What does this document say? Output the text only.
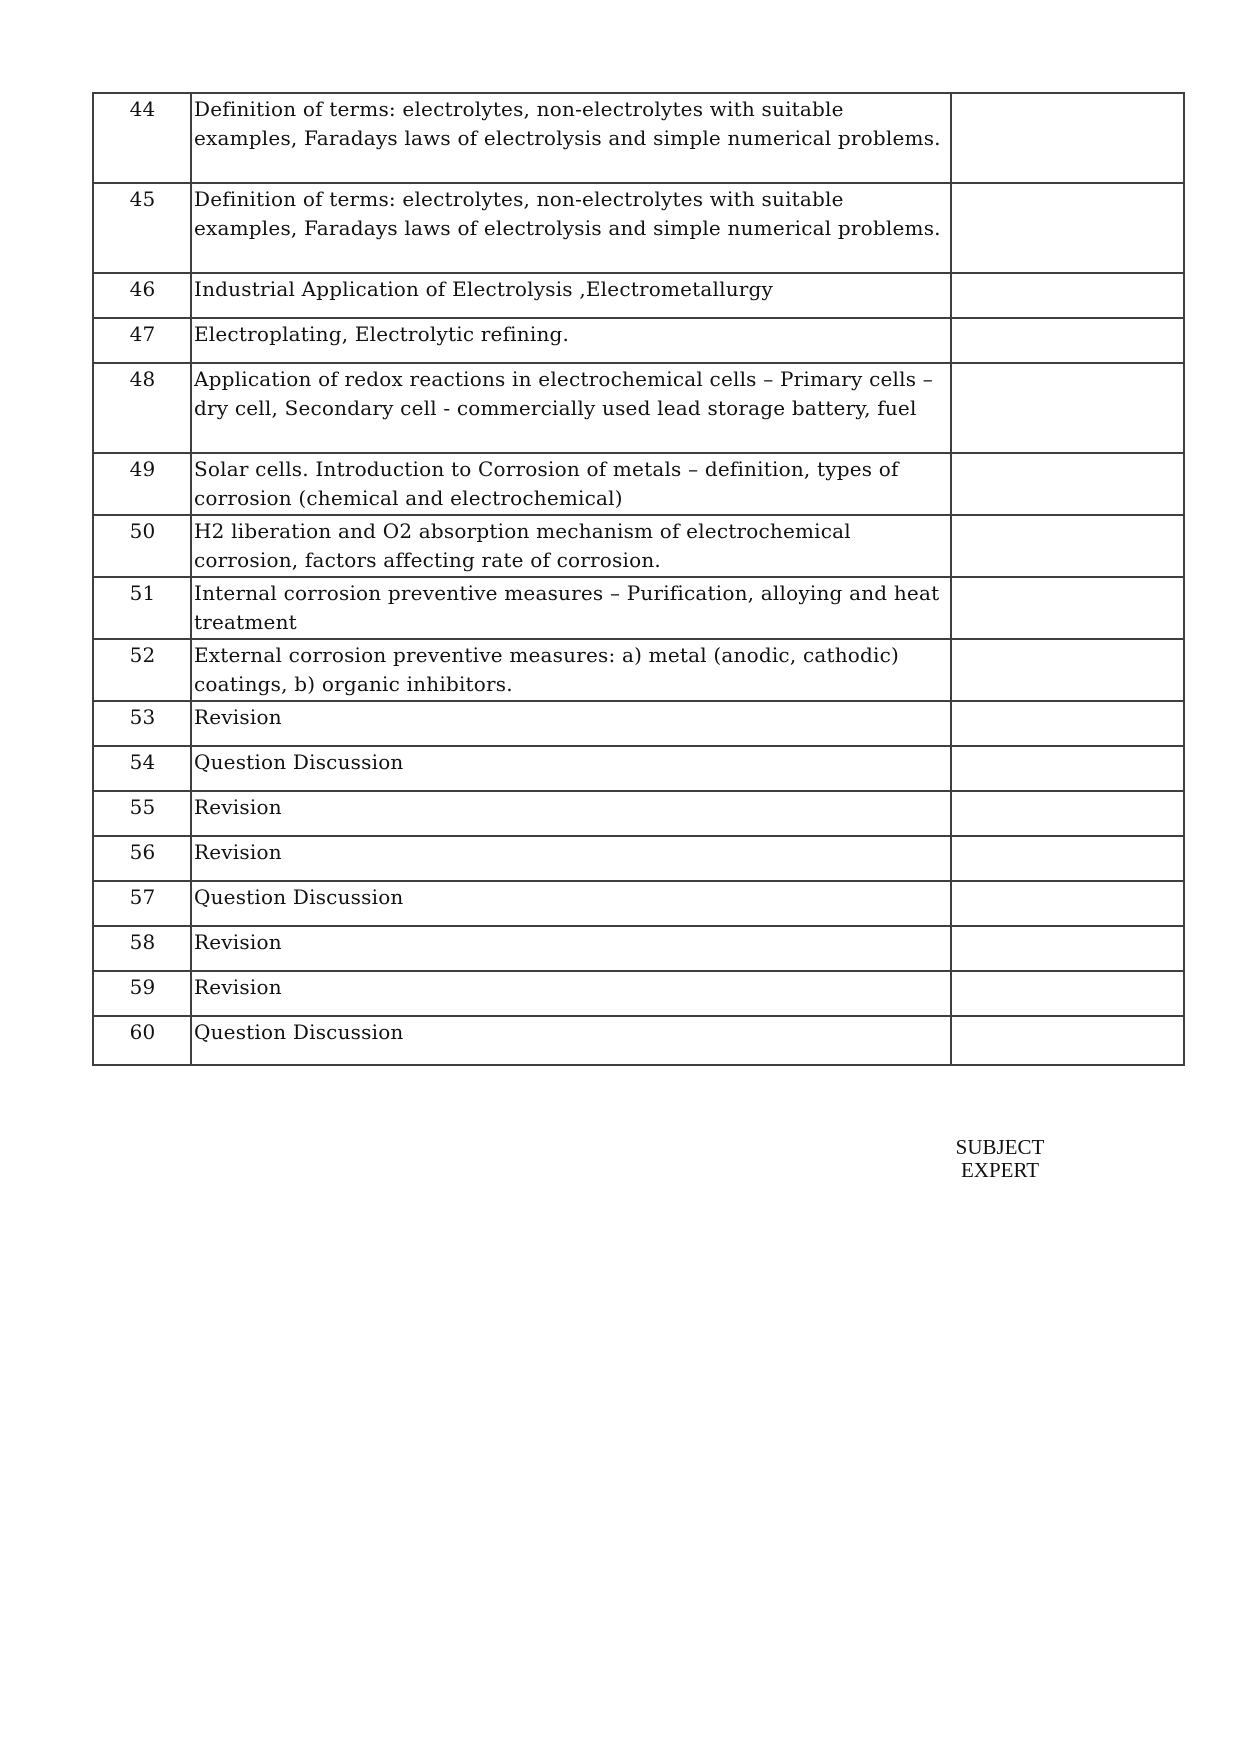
44	Definition of terms: electrolytes, non-electrolytes with suitable examples, Faradays laws of electrolysis and simple numerical problems.	
45	Definition of terms: electrolytes, non-electrolytes with suitable examples, Faradays laws of electrolysis and simple numerical problems.	
46	Industrial Application of Electrolysis ,Electrometallurgy	
47	Electroplating, Electrolytic refining.	
48	Application of redox reactions in electrochemical cells – Primary cells – dry cell, Secondary cell - commercially used lead storage battery, fuel	
49	Solar cells. Introduction to Corrosion of metals – definition, types of corrosion (chemical and electrochemical)	
50	H2 liberation and O2 absorption mechanism of electrochemical corrosion, factors affecting rate of corrosion.	
51	Internal corrosion preventive measures – Purification, alloying and heat treatment	
52	External corrosion preventive measures: a) metal (anodic, cathodic) coatings, b) organic inhibitors.	
53	Revision	
54	Question Discussion	
55	Revision	
56	Revision	
57	Question Discussion	
58	Revision	
59	Revision	
60	Question Discussion	
SUBJECT
EXPERT
